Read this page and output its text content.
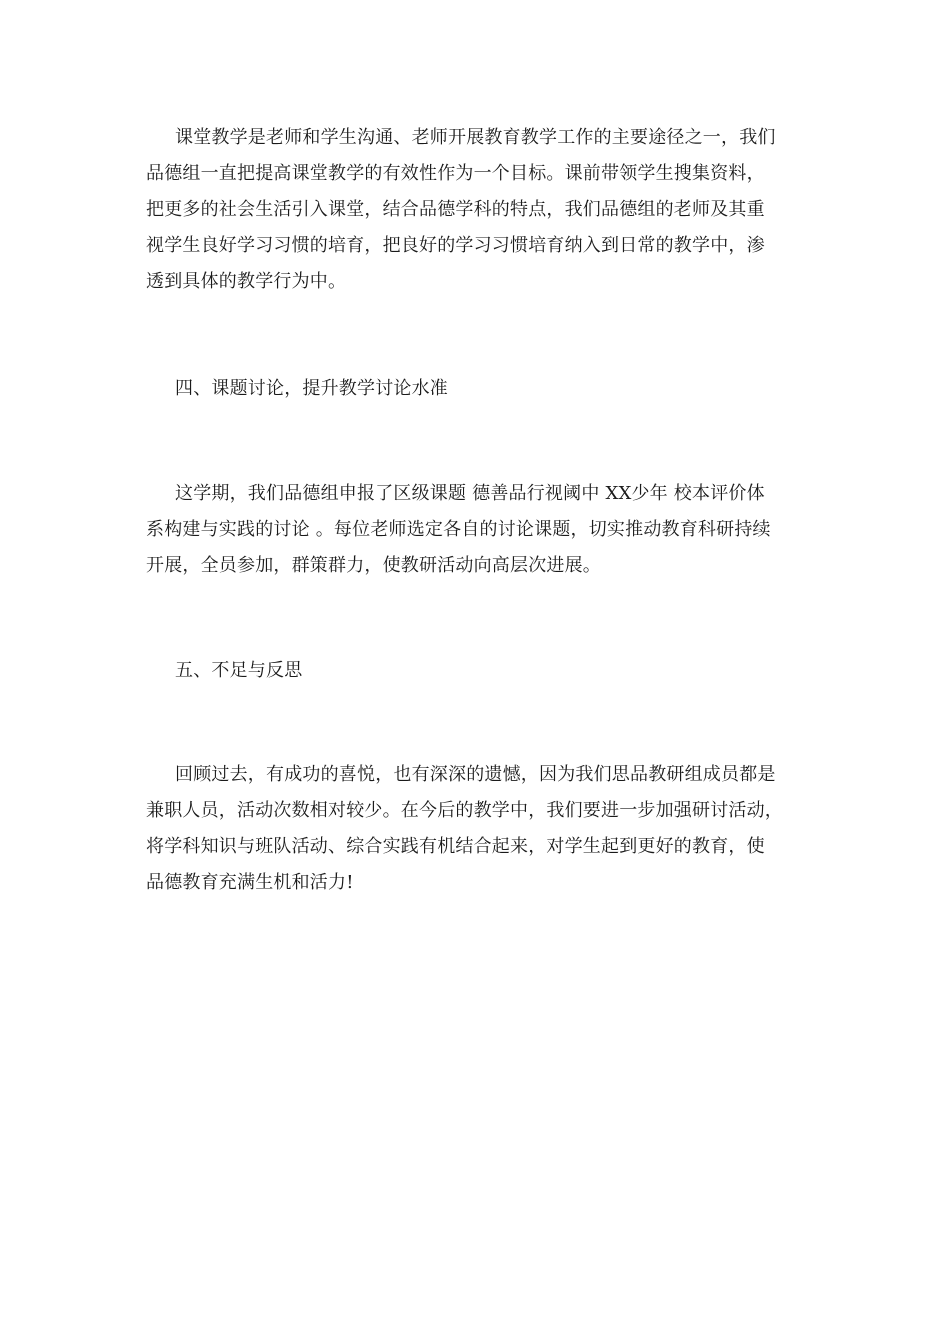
课堂教学是老师和学生沟通、老师开展教育教学工作的主要途径之一，我们
品德组一直把提高课堂教学的有效性作为一个目标。课前带领学生搜集资料，
把更多的社会生活引入课堂，结合品德学科的特点，我们品德组的老师及其重
视学生良好学习习惯的培育，把良好的学习习惯培育纳入到日常的教学中，渗
透到具体的教学行为中。
四、课题讨论，提升教学讨论水准
这学期，我们品德组申报了区级课题 德善品行视阈中 XX少年 校本评价体
系构建与实践的讨论 。每位老师选定各自的讨论课题，切实推动教育科研持续
开展，全员参加，群策群力，使教研活动向高层次进展。
五、不足与反思
回顾过去，有成功的喜悦，也有深深的遗憾，因为我们思品教研组成员都是
兼职人员，活动次数相对较少。在今后的教学中，我们要进一步加强研讨活动，
将学科知识与班队活动、综合实践有机结合起来，对学生起到更好的教育，使
品德教育充满生机和活力!
